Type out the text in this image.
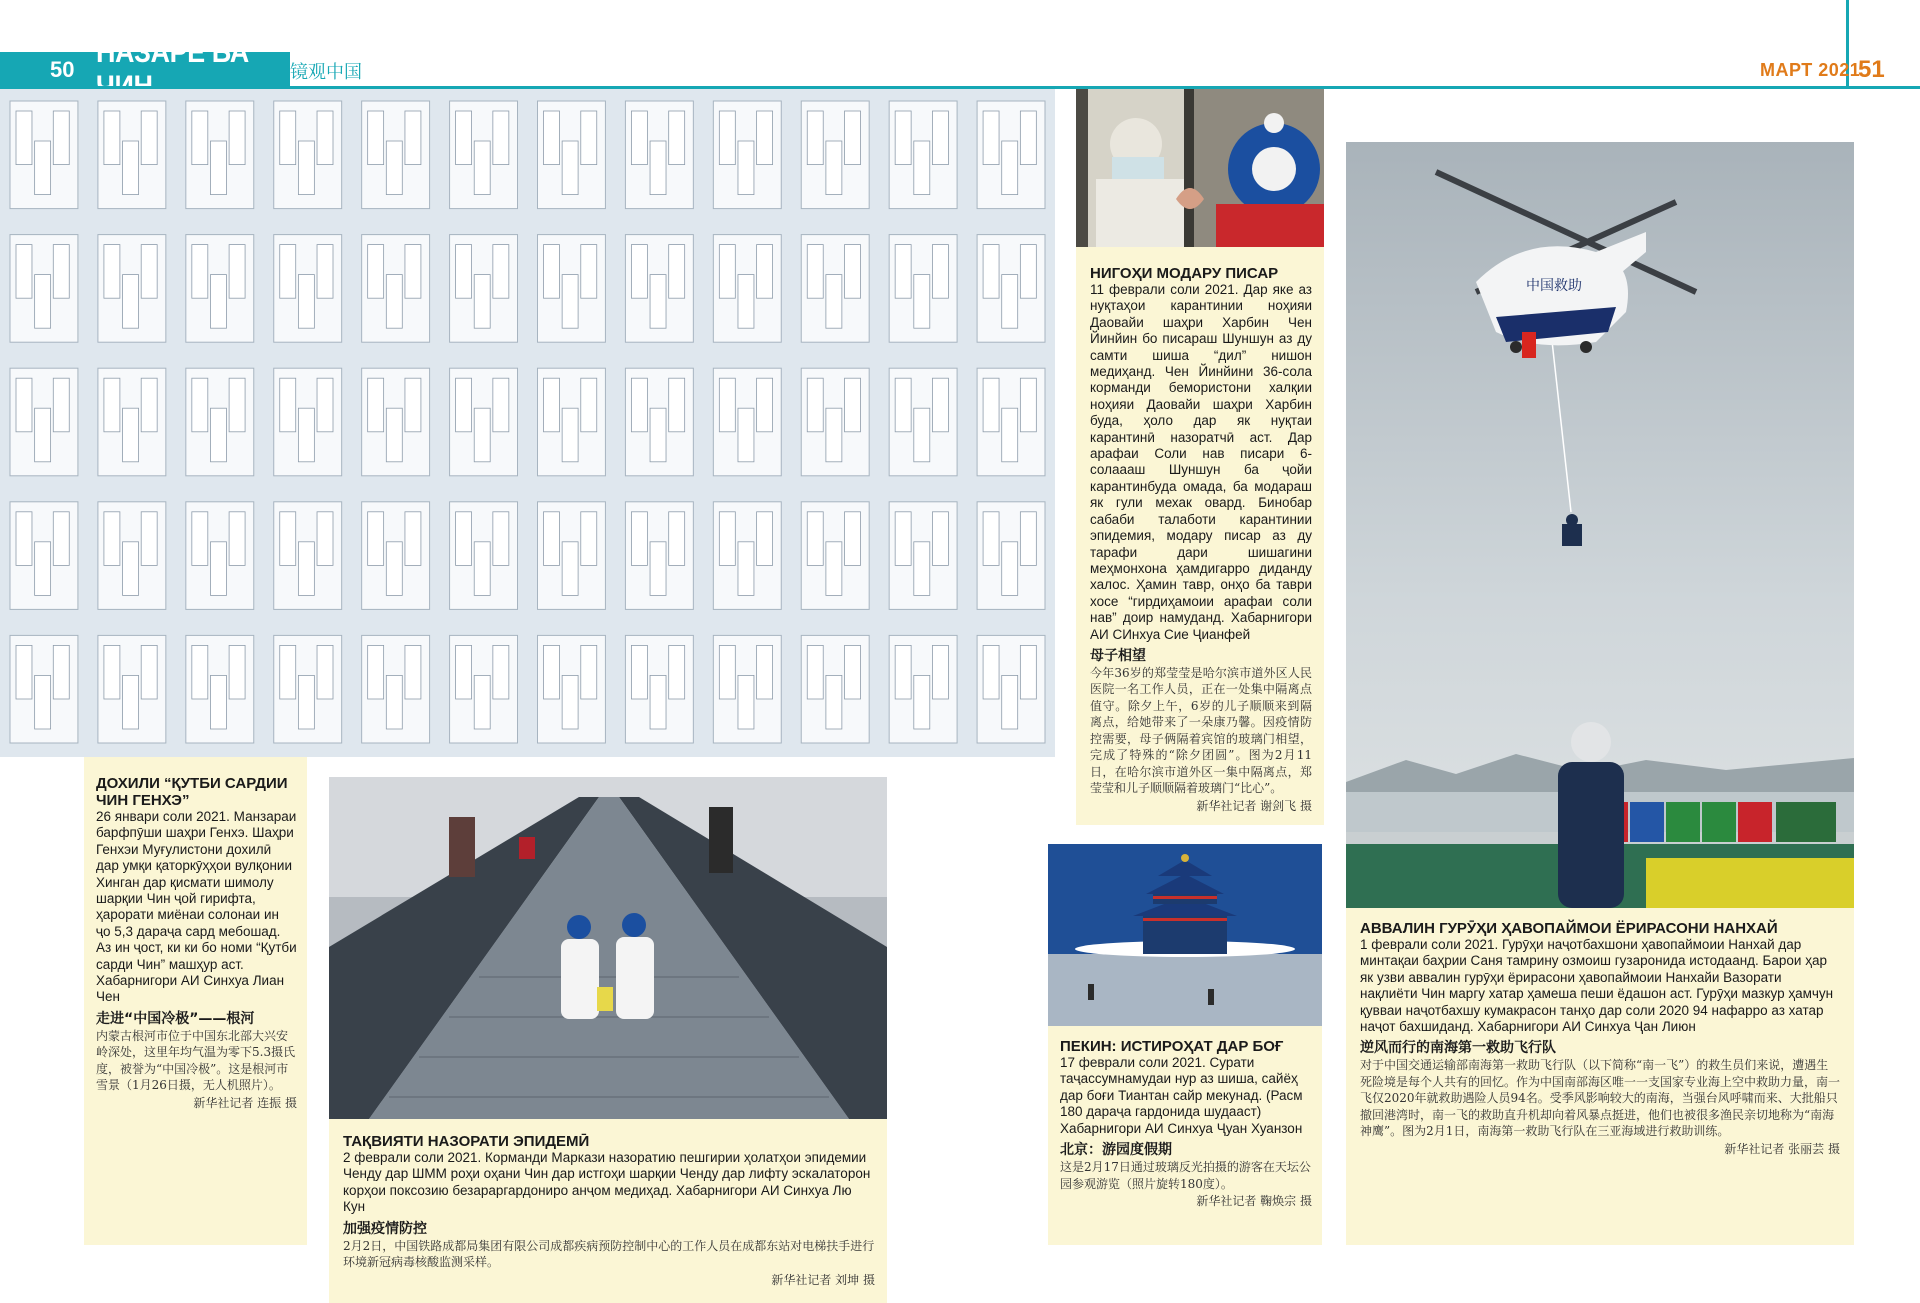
50
НАЗАРЕ БА
镜观中国	МАРТ 2021
51
НИГОҲИ МОДАРУ ПИСАР
11 феврали соли 2021. Дар яке аз нуқтаҳои карантинии ноҳияи Даовайи шаҳри Харбин Чен Йинйин бо писараш Шуншун аз ду самти шиша “дил” нишон медиҳанд. Чен Йинйини 36-сола корманди бемористони халқии ноҳияи Даовайи шаҳри Харбин буда, ҳоло дар як нуқтаи карантинӣ назоратчӣ аст. Дар арафаи Соли нав писари 6-солаааш Шуншун ба ҷойи карантинбуда омада, ба модараш як гули мехак овард. Бинобар сабаби талаботи карантинии эпидемия, модару писар аз ду тарафи дари шишагини меҳмонхона ҳамдигарро диданду халос. Ҳамин тавр, онҳо ба таври хосе “гирдиҳамоии арафаи соли нав” доир намуданд. Хабарнигори АИ СИнхуа Сие Ҷианфей
母子相望
今年36岁的郑莹莹是哈尔滨市道外区人民医院一名工作人员，正在一处集中隔离点值守。除夕上午，6岁的儿子顺顺来到隔离点，给她带来了一朵康乃馨。因疫情防控需要，母子俩隔着宾馆的玻璃门相望，完成了特殊的“除夕团圆”。图为2月11日，在哈尔滨市道外区一集中隔离点，郑莹莹和儿子顺顺隔着玻璃门“比心”。
新华社记者 谢剑飞 摄
中国救助
АВВАЛИН ГУРӮҲИ ҲАВОПАЙМОИ ЁРИРАСОНИ НАНХАЙ
1 феврали соли 2021. Гурӯҳи наҷотбахшони ҳавопаймоии Нанхай дар минтақаи баҳрии Саня тамрину озмоиш гузаронида истодаанд. Барои ҳар як узви аввалин гурӯҳи ёрирасони ҳавопаймоии Нанхайи Вазорати нақлиёти Чин маргу хатар ҳамеша пеши ёдашон аст. Гурӯҳи мазкур ҳамчун қувваи наҷотбахшу кумакрасон танҳо дар соли 2020 94 нафарро аз хатар наҷот бахшиданд. Хабарнигори АИ Синхуа Ҷан Лиюн
逆风而行的南海第一救助飞行队
对于中国交通运输部南海第一救助飞行队（以下简称“南一飞”）的救生员们来说，遭遇生死险境是每个人共有的回忆。作为中国南部海区唯一一支国家专业海上空中救助力量，南一飞仅2020年就救助遇险人员94名。受季风影响较大的南海，当强台风呼啸而来、大批船只撤回港湾时，南一飞的救助直升机却向着风暴点挺进，他们也被很多渔民亲切地称为“南海神鹰”。图为2月1日，南海第一救助飞行队在三亚海域进行救助训练。
新华社记者 张丽芸 摄
ДОХИЛИ “ҚУТБИ САРДИИ ЧИН ГЕНХЭ”
26 январи соли 2021. Манзараи барфпӯши шаҳри Генхэ. Шаҳри Генхэи Муғулистони дохилӣ дар умқи қаторкӯҳҳои вулқонии Хинган дар қисмати шимолу шарқии Чин ҷой гирифта, ҳарорати миёнаи солонаи ин ҷо 5,3 дараҷа сард мебошад. Аз ин ҷост, ки ки бо номи “Қутби сарди Чин” машҳур аст. Хабарнигори АИ Синхуа Лиан Чен
走进“中国冷极”——根河
内蒙古根河市位于中国东北部大兴安岭深处，这里年均气温为零下5.3摄氏度，被誉为“中国冷极”。这是根河市雪景（1月26日摄，无人机照片）。
新华社记者 连振 摄
ТАҚВИЯТИ НАЗОРАТИ ЭПИДЕМӢ
2 феврали соли 2021. Корманди Маркази назоратию пешгирии ҳолатҳои эпидемии Ченду дар ШММ роҳи оҳани Чин дар истгоҳи шарқии Ченду дар лифту эскалаторон корҳои поксозию безараргардониро анҷом медиҳад. Хабарнигори АИ Синхуа Лю Кун
加强疫情防控
2月2日，中国铁路成都局集团有限公司成都疾病预防控制中心的工作人员在成都东站对电梯扶手进行环境新冠病毒核酸监测采样。
新华社记者 刘坤 摄
ПЕКИН: ИСТИРОҲАТ ДАР БОҒ
17 феврали соли 2021. Сурати таҷассумнамудаи нур аз шиша, сайёҳ дар боғи Тиантан сайр мекунад. (Расм 180 дараҷа гардонида шудааст) Хабарнигори АИ Синхуа Ҷуан Хуанзон
北京：游园度假期
这是2月17日通过玻璃反光拍摄的游客在天坛公园参观游览（照片旋转180度）。
新华社记者 鞠焕宗 摄
